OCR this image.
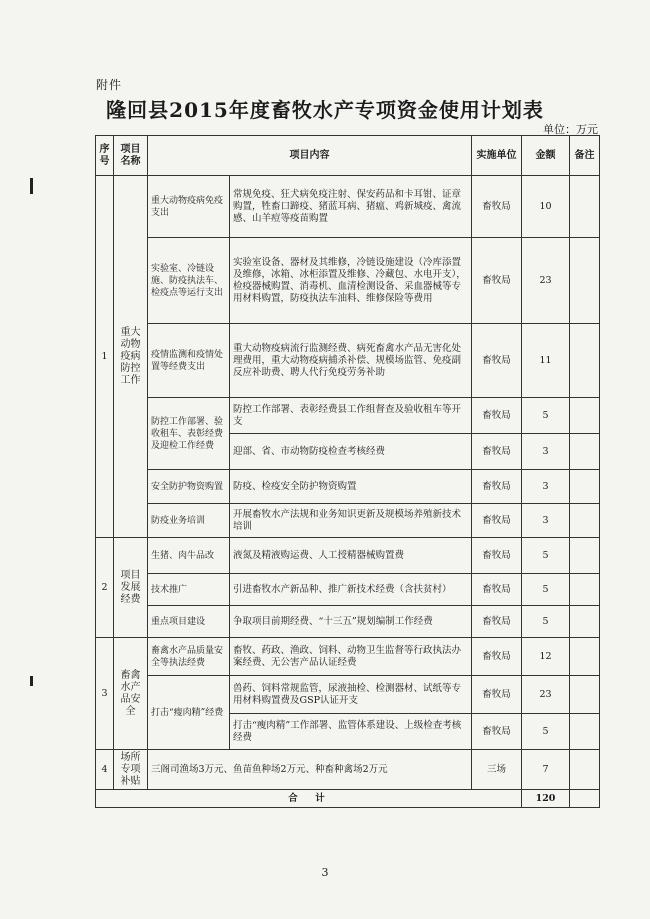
附件
隆回县2015年度畜牧水产专项资金使用计划表
单位：万元
序号	项目名称	项目内容		实施单位	金额	备注
1	重大动物疫病防控工作	重大动物疫病免疫支出	常规免疫、狂犬病免疫注射、保安药品和卡耳钳、证章购置，牲畜口蹄疫、猪蓝耳病、猪瘟、鸡新城疫、禽流感、山羊痘等疫苗购置	畜牧局	10	
		实验室、冷链设施、防疫执法车、检疫点等运行支出	实验室设备、器材及其维修，冷链设施建设（冷库添置及维修，冰箱、冰柜添置及维修、冷藏包、水电开支），检疫器械购置、消毒机、血清检测设备、采血器械等专用材料购置，防疫执法车油料、维修保险等费用	畜牧局	23	
		疫情监测和疫情处置等经费支出	重大动物疫病流行监测经费、病死畜禽水产品无害化处理费用，重大动物疫病捕杀补偿、规模场监管、免疫副反应补助费、聘人代行免疫劳务补助	畜牧局	11	
		防控工作部署、验收租车、表彰经费及迎检工作经费	防控工作部署、表彰经费县工作组督查及验收租车等开支	畜牧局	5	
			迎部、省、市动物防疫检查考核经费	畜牧局	3	
		安全防护物资购置	防疫、检疫安全防护物资购置	畜牧局	3	
		防疫业务培训	开展畜牧水产法规和业务知识更新及规模场养殖新技术培训	畜牧局	3	
2	项目发展经费	生猪、肉牛品改	液氮及精液购运费、人工授精器械购置费	畜牧局	5	
		技术推广	引进畜牧水产新品种、推广新技术经费（含扶贫村）	畜牧局	5	
		重点项目建设	争取项目前期经费、“十三五”规划编制工作经费	畜牧局	5	
3	畜禽水产品安全	畜禽水产品质量安全等执法经费	畜牧、药政、渔政、饲料、动物卫生监督等行政执法办案经费、无公害产品认证经费	畜牧局	12	
		打击“瘦肉精”经费	兽药、饲料常规监管，尿液抽检、检测器材、试纸等专用材料购置费及GSP认证开支	畜牧局	23	
			打击“瘦肉精”工作部署、监管体系建设、上级检查考核经费	畜牧局	5	
4	场所专项补贴	三阁司渔场3万元、鱼苗鱼种场2万元、种畜种禽场2万元		三场	7	
合　计					120	
3
